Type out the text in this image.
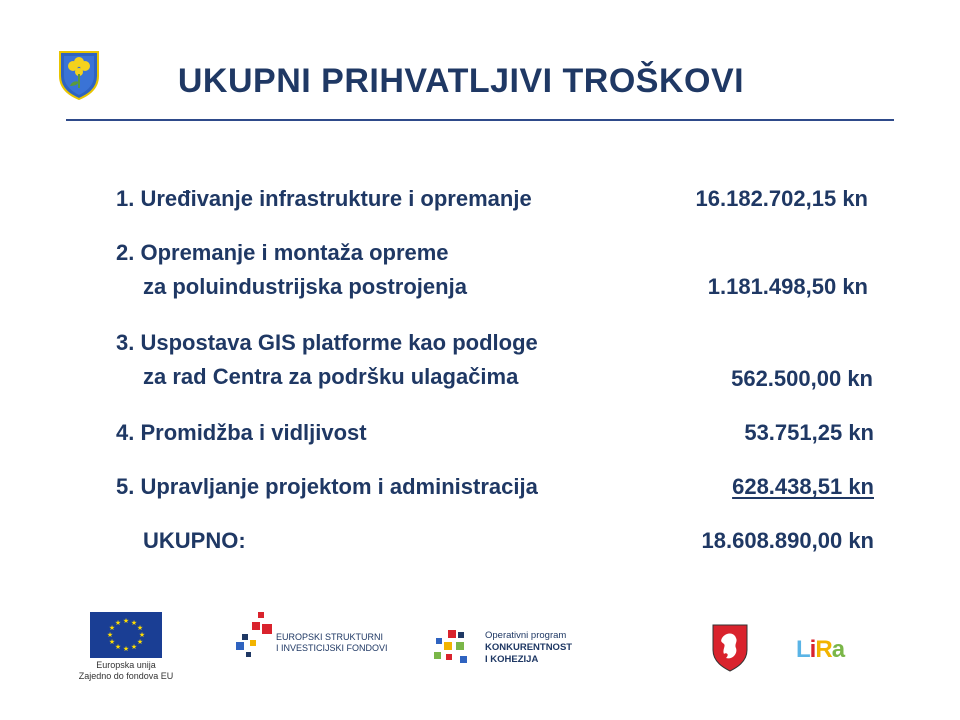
UKUPNI PRIHVATLJIVI TROŠKOVI
1. Uređivanje infrastrukture i opremanje	16.182.702,15 kn
2. Opremanje i montaža opreme
za poluindustrijska postrojenja	1.181.498,50 kn
3. Uspostava GIS platforme kao podloge
za rad Centra za podršku ulagačima	562.500,00 kn
4. Promidžba i vidljivost	53.751,25 kn
5. Upravljanje projektom i administracija	628.438,51 kn
UKUPNO:	18.608.890,00 kn
★ ★
★
★
★
★
★
★
★
★
★
★
Europska unija
Zajedno do fondova EU
EUROPSKI STRUKTURNI
I INVESTICIJSKI FONDOVI
Operativni program
KONKURENTNOST
I KOHEZIJA	LiRa
